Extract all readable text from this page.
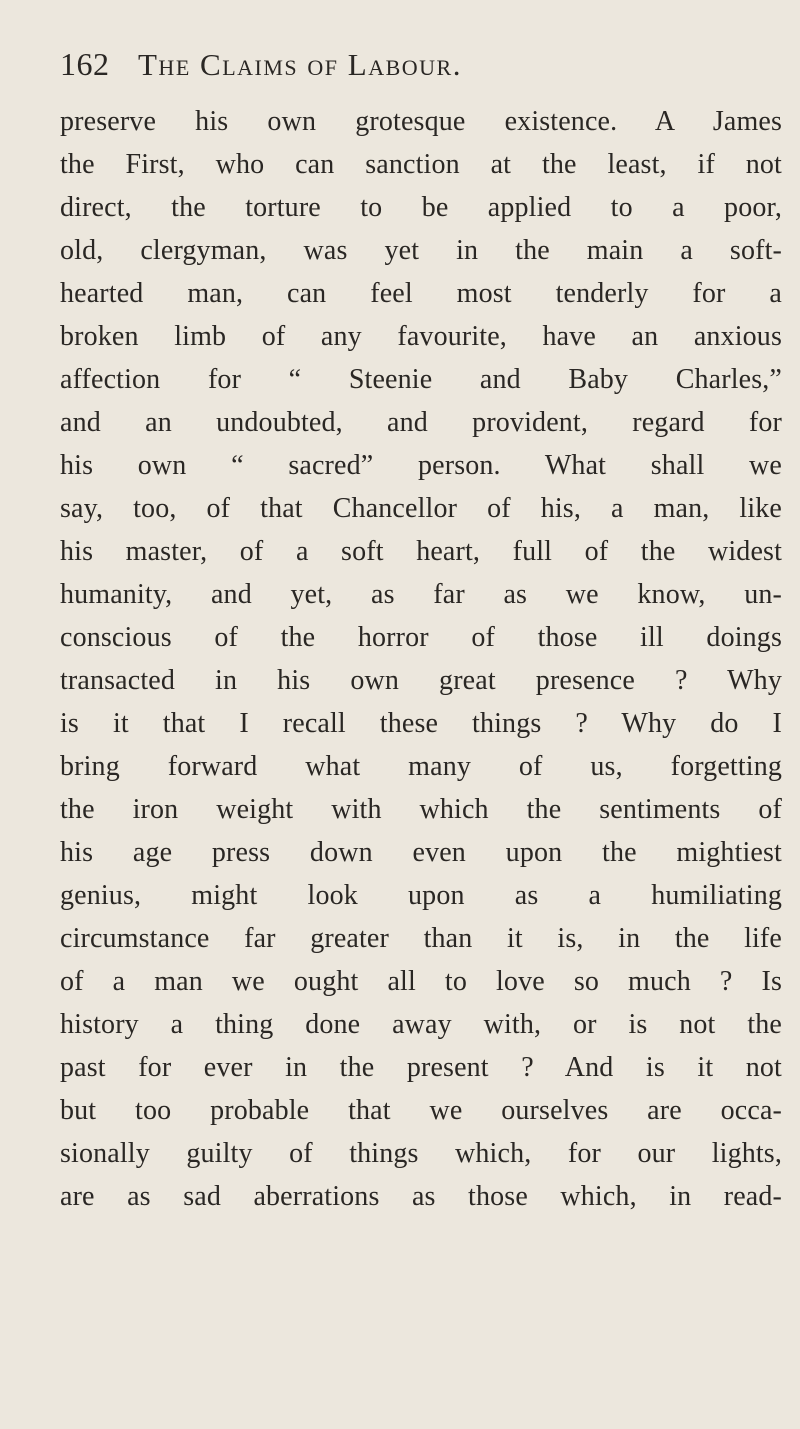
162 The Claims of Labour.
preserve his own grotesque existence. A James
the First, who can sanction at the least, if not
direct, the torture to be applied to a poor,
old, clergyman, was yet in the main a soft-
hearted man, can feel most tenderly for a
broken limb of any favourite, have an anxious
affection for “ Steenie and Baby Charles,”
and an undoubted, and provident, regard for
his own “ sacred” person. What shall we
say, too, of that Chancellor of his, a man, like
his master, of a soft heart, full of the widest
humanity, and yet, as far as we know, un-
conscious of the horror of those ill doings
transacted in his own great presence ? Why
is it that I recall these things ? Why do I
bring forward what many of us, forgetting
the iron weight with which the sentiments of
his age press down even upon the mightiest
genius, might look upon as a humiliating
circumstance far greater than it is, in the life
of a man we ought all to love so much ? Is
history a thing done away with, or is not the
past for ever in the present ? And is it not
but too probable that we ourselves are occa-
sionally guilty of things which, for our lights,
are as sad aberrations as those which, in read-
